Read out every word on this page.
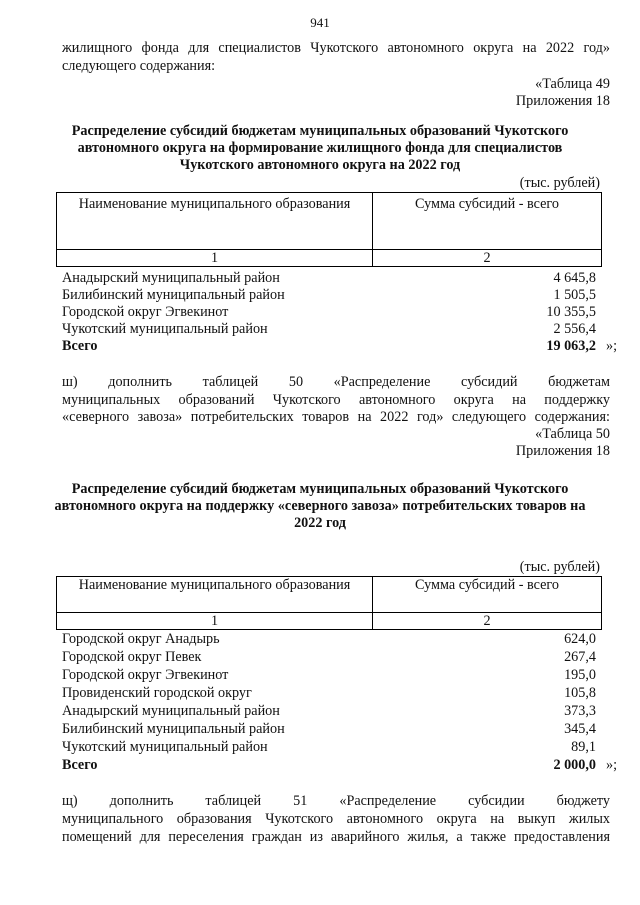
941
жилищного фонда для специалистов Чукотского автономного округа на 2022 год»
следующего содержания:
«Таблица 49
Приложения 18
Распределение субсидий бюджетам муниципальных образований Чукотского автономного округа на формирование жилищного фонда для специалистов Чукотского автономного округа на 2022 год
(тыс. рублей)
Наименование муниципального образования	Сумма субсидий - всего
1	2
Анадырский муниципальный район	4 645,8
Билибинский муниципальный район	1 505,5
Городской округ Эгвекинот	10 355,5
Чукотский муниципальный район	2 556,4
Всего	19 063,2 »;
ш) дополнить таблицей 50 «Распределение субсидий бюджетам
муниципальных образований Чукотского автономного округа на поддержку
«северного завоза» потребительских товаров на 2022 год» следующего содержания:
«Таблица 50
Приложения 18
Распределение субсидий бюджетам муниципальных образований Чукотского автономного округа на поддержку «северного завоза» потребительских товаров на 2022 год
(тыс. рублей)
Наименование муниципального образования	Сумма субсидий - всего
1	2
Городской округ Анадырь	624,0
Городской округ Певек	267,4
Городской округ Эгвекинот	195,0
Провиденский городской округ	105,8
Анадырский муниципальный район	373,3
Билибинский муниципальный район	345,4
Чукотский муниципальный район	89,1
Всего	2 000,0 »;
щ) дополнить таблицей 51 «Распределение субсидии бюджету
муниципального образования Чукотского автономного округа на выкуп жилых
помещений для переселения граждан из аварийного жилья, а также предоставления
